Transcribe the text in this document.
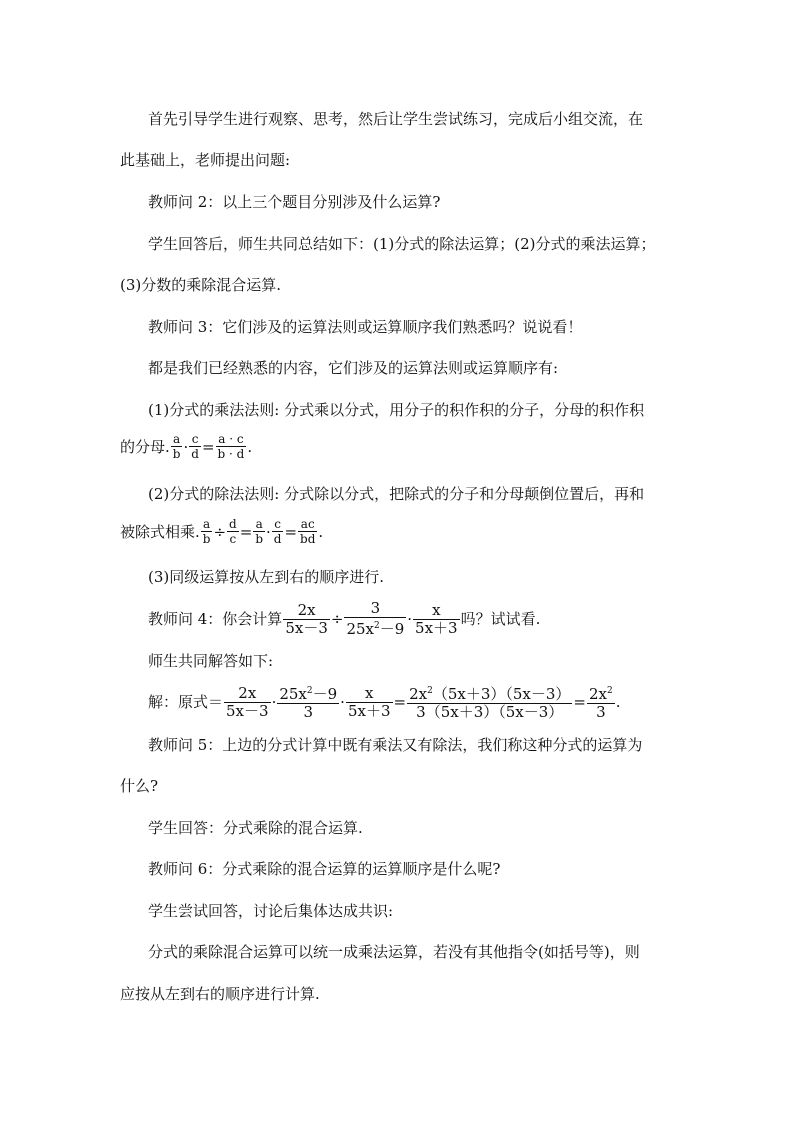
首先引导学生进行观察、思考，然后让学生尝试练习，完成后小组交流，在
此基础上，老师提出问题:
教师问 2：以上三个题目分别涉及什么运算?
学生回答后，师生共同总结如下：(1)分式的除法运算；(2)分式的乘法运算；
(3)分数的乘除混合运算.
教师问 3：它们涉及的运算法则或运算顺序我们熟悉吗？说说看！
都是我们已经熟悉的内容，它们涉及的运算法则或运算顺序有:
(1)分式的乘法法则: 分式乘以分式，用分子的积作积的分子，分母的积作积
的分母. $\frac{a}{b} \cdot \frac{c}{d} = \frac{a \cdot c}{b \cdot d}$ .
(2)分式的除法法则: 分式除以分式，把除式的分子和分母颠倒位置后，再和
被除式相乘. $\frac{a}{b} \div \frac{d}{c} = \frac{a}{b} \cdot \frac{c}{d} = \frac{ac}{bd}$ .
(3)同级运算按从左到右的顺序进行.
教师问 4：你会计算 $\frac{2x}{5x-3} \div \frac{3}{25x^2-9} \cdot \frac{x}{5x+3}$ 吗？试试看.
师生共同解答如下:
解：原式＝ $\frac{2x}{5x-3} \cdot \frac{25x^2-9}{3} \cdot \frac{x}{5x+3} = \frac{2x^2(5x+3)(5x-3)}{3(5x+3)(5x-3)} = \frac{2x^2}{3}$ .
教师问 5：上边的分式计算中既有乘法又有除法，我们称这种分式的运算为
什么?
学生回答：分式乘除的混合运算.
教师问 6：分式乘除的混合运算的运算顺序是什么呢?
学生尝试回答，讨论后集体达成共识:
分式的乘除混合运算可以统一成乘法运算，若没有其他指令(如括号等)，则
应按从左到右的顺序进行计算.
